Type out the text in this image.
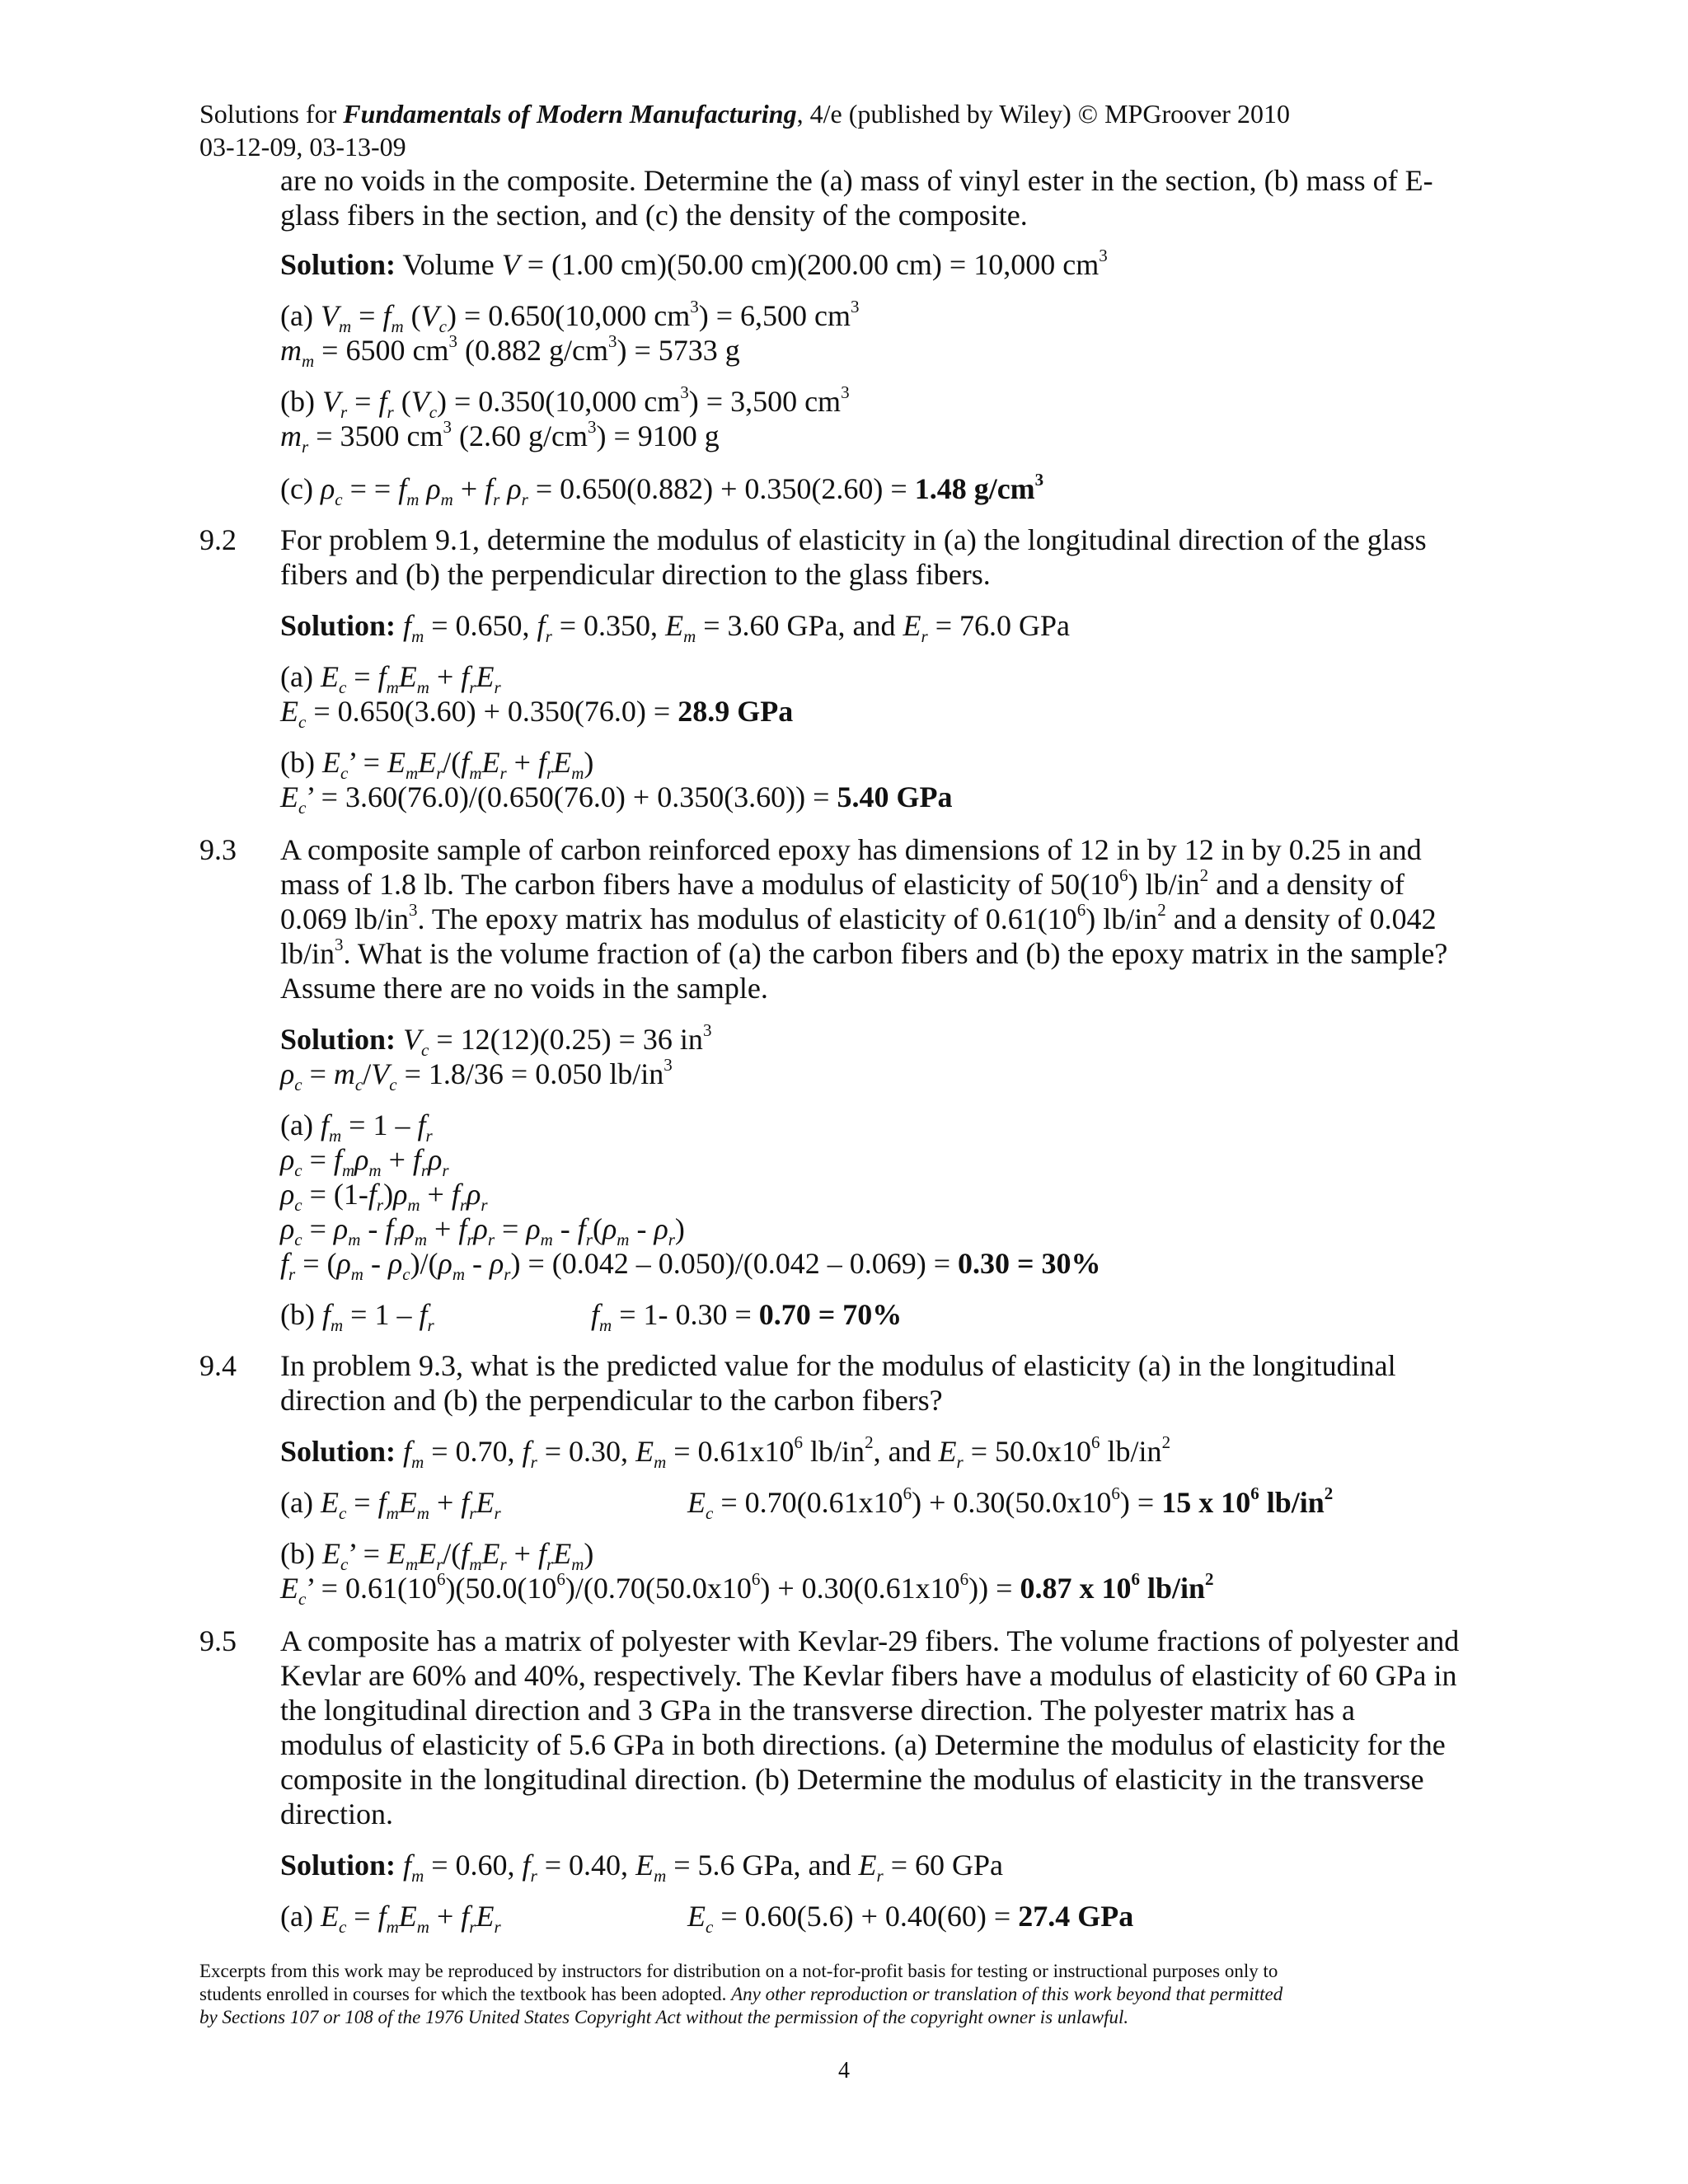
Solutions for Fundamentals of Modern Manufacturing, 4/e (published by Wiley) © MPGroover 2010
03-12-09, 03-13-09
are no voids in the composite. Determine the (a) mass of vinyl ester in the section, (b) mass of E-
glass fibers in the section, and (c) the density of the composite.
Solution: Volume V = (1.00 cm)(50.00 cm)(200.00 cm) = 10,000 $cm^3$
(a) $V_m = f_m$ $(V_c) = 0.650(10,000$ $cm^3) = 6,500$ $cm^3$
$m_m = 6500$ $cm^3$ (0.882 $g/cm^3) = 5733$ g
(b) $V_r = f_r$ $(V_c) = 0.350(10,000$ $cm^3) = 3,500$ $cm^3$
$m_r = 3500$ $cm^3$ (2.60 $g/cm^3) = 9100$ g
(c) $\rho_c$ = = $f_m$ $\rho_m + f_r$ $\rho_r = 0.650(0.882) + 0.350(2.60) = 1.48$ $g/cm^3$
9.2 For problem 9.1, determine the modulus of elasticity in (a) the longitudinal direction of the glass
fibers and (b) the perpendicular direction to the glass fibers.
Solution: $f_m = 0.650$, $f_r = 0.350$, $E_m = 3.60$ GPa, and $E_r = 76.0$ GPa
(a) $E_c = f_mE_m + f_rE_r$
$E_c = 0.650(3.60) + 0.350(76.0) = 28.9$ GPa
(b) $E_c$’ = $E_mE_r/(f_mE_r + f_rE_m)$
$E_c$’ = 3.60(76.0)/(0.650(76.0) + 0.350(3.60)) = 5.40 GPa
9.3 A composite sample of carbon reinforced epoxy has dimensions of 12 in by 12 in by 0.25 in and
mass of 1.8 lb. The carbon fibers have a modulus of elasticity of $50(10^6)$ $lb/in^2$ and a density of
0.069 $lb/in^3$. The epoxy matrix has modulus of elasticity of $0.61(10^6)$ $lb/in^2$ and a density of 0.042
$lb/in^3$. What is the volume fraction of (a) the carbon fibers and (b) the epoxy matrix in the sample?
Assume there are no voids in the sample.
Solution: $V_c = 12(12)(0.25) = 36$ $in^3$
$\rho_c = m_c/V_c = 1.8/36 = 0.050$ $lb/in^3$
(a) $f_m = 1 - f_r$
$\rho_c = f_m\rho_m + f_r\rho_r$
$\rho_c = (1-f_r)\rho_m + f_r\rho_r$
$\rho_c = \rho_m - f_r\rho_m + f_r\rho_r = \rho_m - f_r(\rho_m - \rho_r)$
$f_r = (\rho_m - \rho_c)/(\rho_m - \rho_r) = (0.042 - 0.050)/(0.042 - 0.069) = 0.30 = 30\%$
(b) $f_m = 1 - f_r$	$f_m = 1-$ 0.30 = 0.70 = 70%
9.4 In problem 9.3, what is the predicted value for the modulus of elasticity (a) in the longitudinal
direction and (b) the perpendicular to the carbon fibers?
Solution: $f_m = 0.70$, $f_r = 0.30$, $E_m = 0.61x10^6$ $lb/in^2$, and $E_r = 50.0x10^6$ $lb/in^2$
(a) $E_c = f_mE_m + f_rE_r$	$E_c = 0.70(0.61x10^6) + 0.30(50.0x10^6) = 15$ x $10^6$ $lb/in^2$
(b) $E_c$’ = $E_mE_r/(f_mE_r + f_rE_m)$
$E_c$’ = $0.61(10^6)(50.0(10^6)/(0.70(50.0x10^6) + 0.30(0.61x10^6)) = 0.87$ x $10^6$ $lb/in^2$
9.5 A composite has a matrix of polyester with Kevlar-29 fibers. The volume fractions of polyester and
Kevlar are 60% and 40%, respectively. The Kevlar fibers have a modulus of elasticity of 60 GPa in
the longitudinal direction and 3 GPa in the transverse direction. The polyester matrix has a
modulus of elasticity of 5.6 GPa in both directions. (a) Determine the modulus of elasticity for the
composite in the longitudinal direction. (b) Determine the modulus of elasticity in the transverse
direction.
Solution: $f_m = 0.60$, $f_r = 0.40$, $E_m = 5.6$ GPa, and $E_r = 60$ GPa
(a) $E_c = f_mE_m + f_rE_r$	$E_c = 0.60(5.6) + 0.40(60) = 27.4$ GPa
Excerpts from this work may be reproduced by instructors for distribution on a not-for-profit basis for testing or instructional purposes only to
students enrolled in courses for which the textbook has been adopted. Any other reproduction or translation of this work beyond that permitted
by Sections 107 or 108 of the 1976 United States Copyright Act without the permission of the copyright owner is unlawful.
4
